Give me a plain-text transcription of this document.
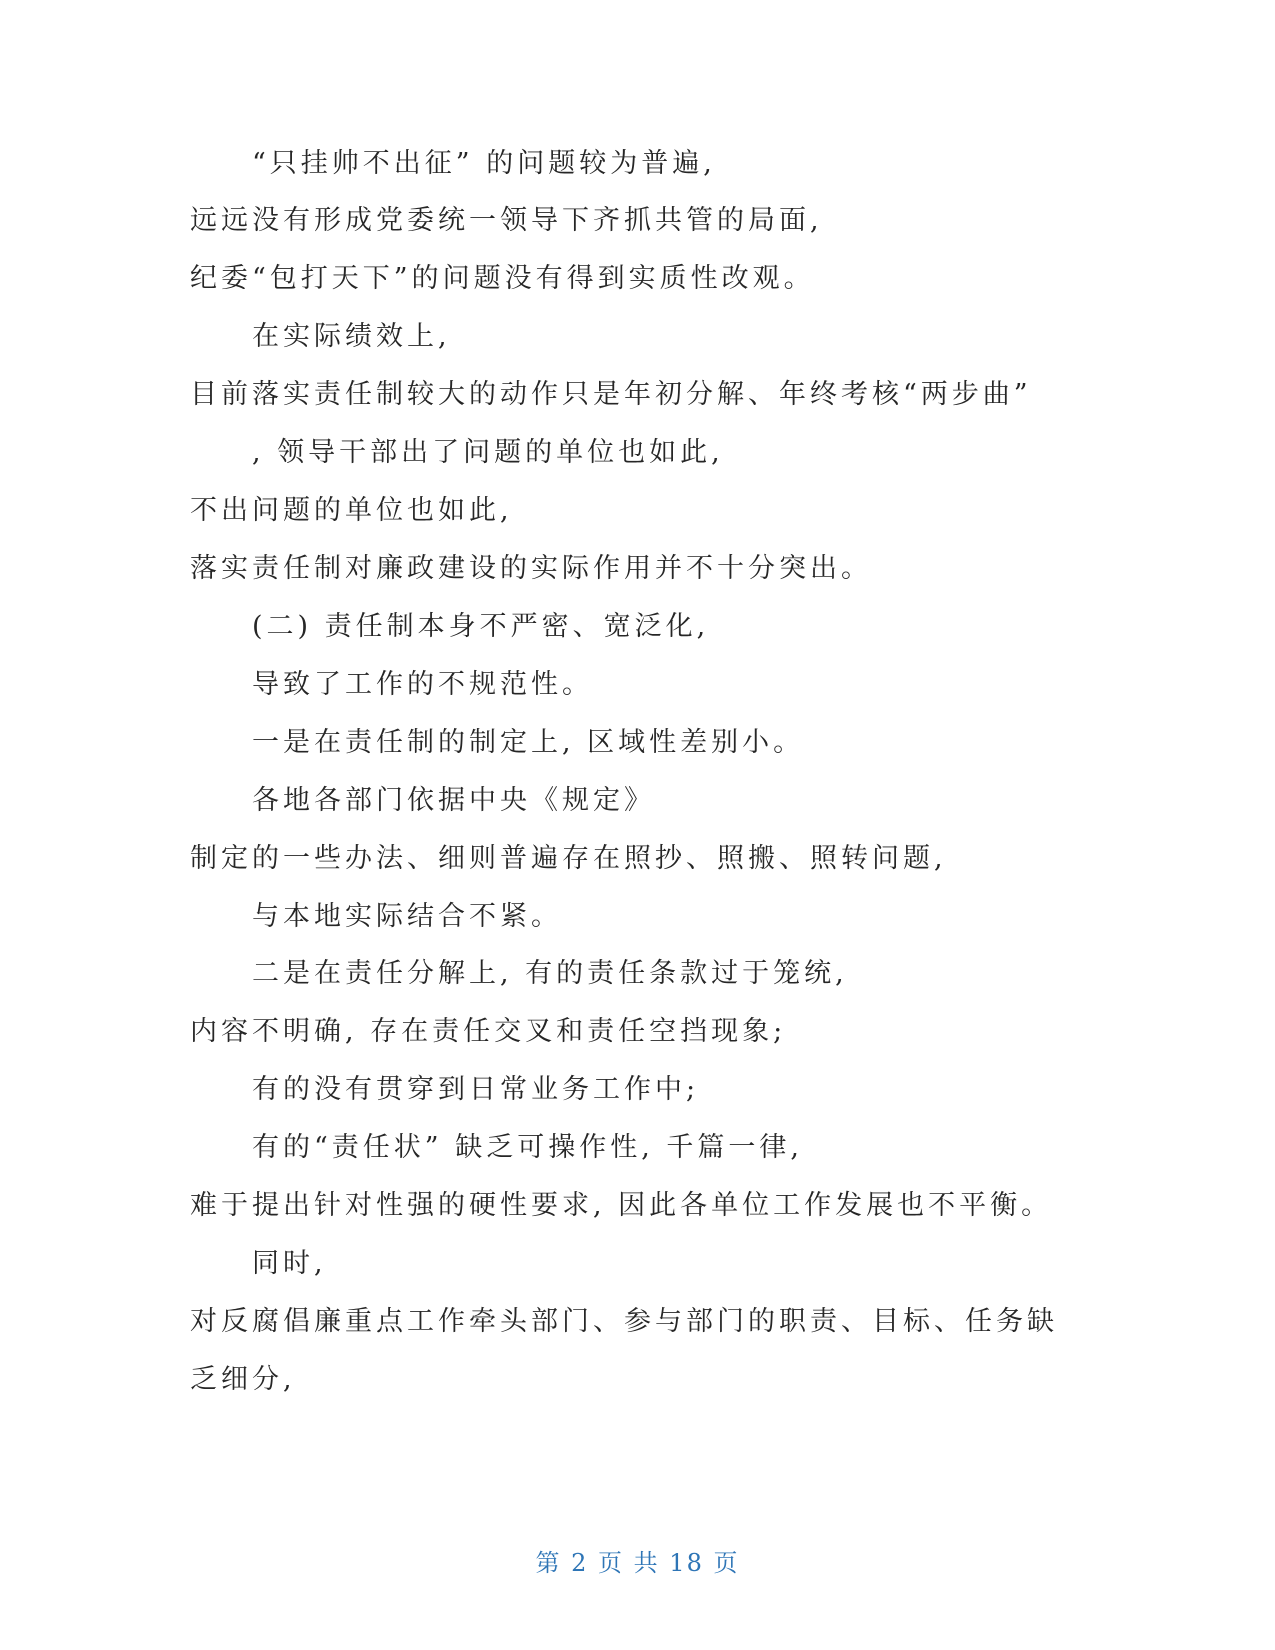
“只挂帅不出征” 的问题较为普遍,

远远没有形成党委统一领导下齐抓共管的局面,

纪委“包打天下”的问题没有得到实质性改观。

在实际绩效上,

目前落实责任制较大的动作只是年初分解、年终考核“两步曲”

, 领导干部出了问题的单位也如此,

不出问题的单位也如此,

落实责任制对廉政建设的实际作用并不十分突出。

(二) 责任制本身不严密、宽泛化,

导致了工作的不规范性。

一是在责任制的制定上, 区域性差别小。

各地各部门依据中央《规定》

制定的一些办法、细则普遍存在照抄、照搬、照转问题,

与本地实际结合不紧。

二是在责任分解上, 有的责任条款过于笼统,

内容不明确, 存在责任交叉和责任空挡现象;

有的没有贯穿到日常业务工作中;

有的“责任状” 缺乏可操作性, 千篇一律,

难于提出针对性强的硬性要求, 因此各单位工作发展也不平衡。

同时,

对反腐倡廉重点工作牵头部门、参与部门的职责、目标、任务缺

乏细分,

第 2 页 共 18 页
